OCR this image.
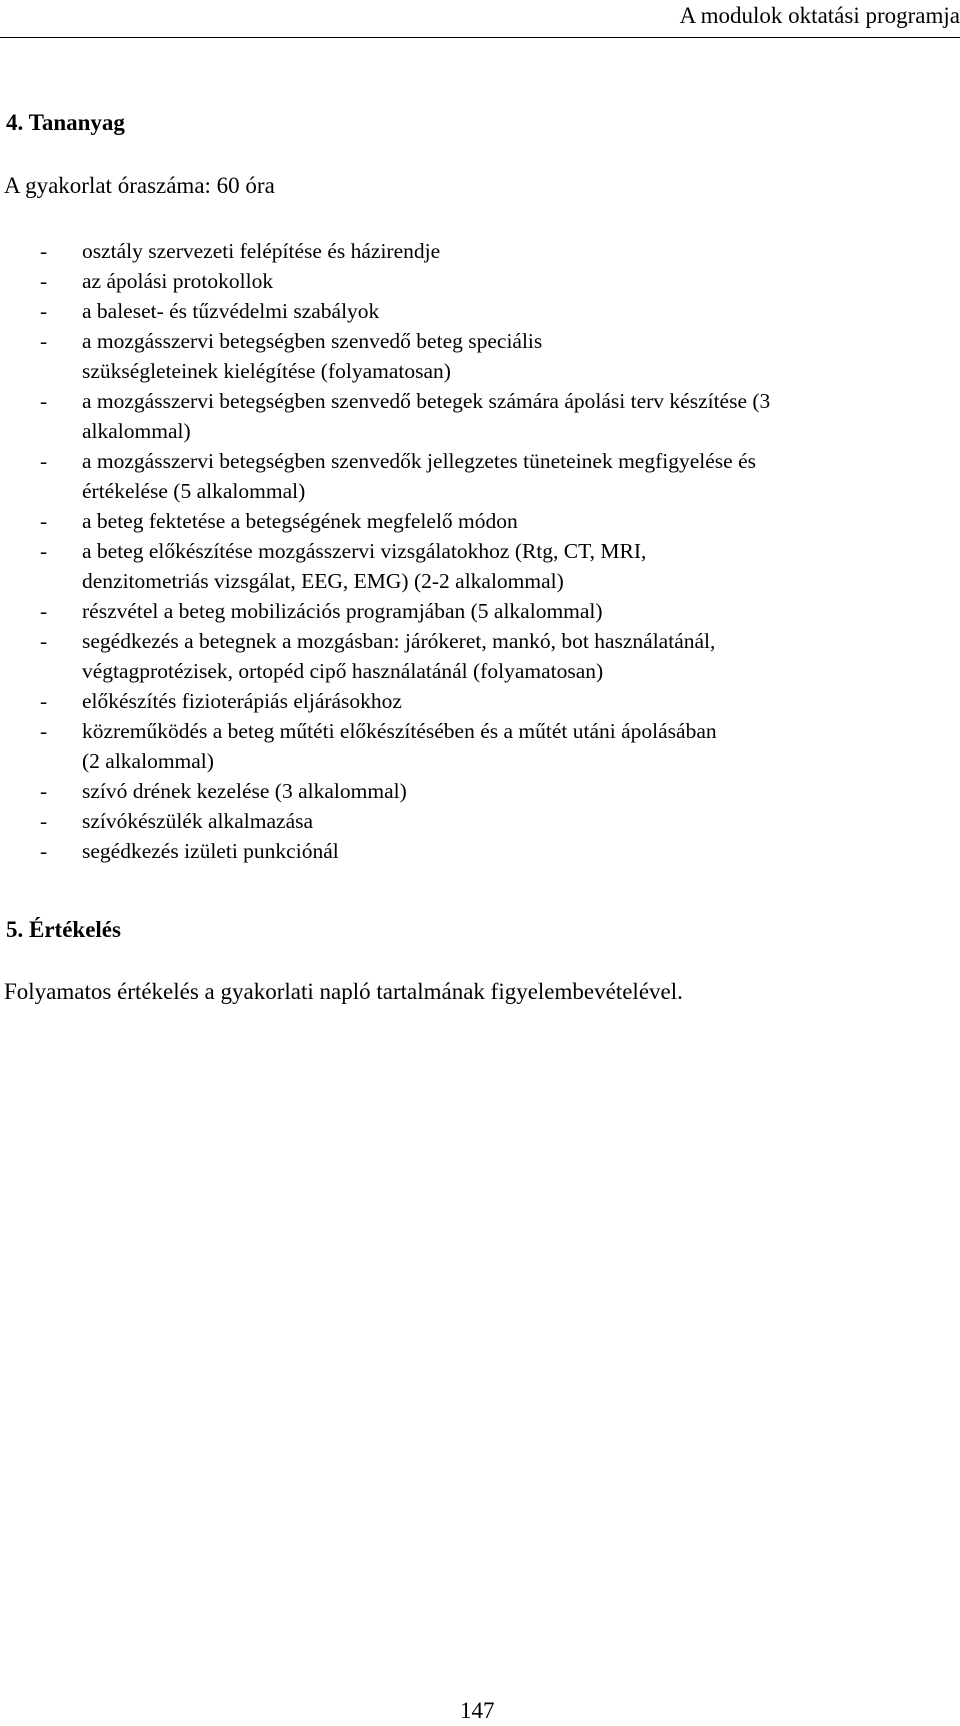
A modulok oktatási programja
4. Tananyag
A gyakorlat óraszáma: 60 óra
- osztály szervezeti felépítése és házirendje
- az ápolási protokollok
- a baleset- és tűzvédelmi szabályok
- a mozgásszervi betegségben szenvedő beteg speciális
szükségleteinek kielégítése (folyamatosan)
- a mozgásszervi betegségben szenvedő betegek számára ápolási terv készítése (3
alkalommal)
- a mozgásszervi betegségben szenvedők jellegzetes tüneteinek megfigyelése és
értékelése (5 alkalommal)
- a beteg fektetése a betegségének megfelelő módon
- a beteg előkészítése mozgásszervi vizsgálatokhoz (Rtg, CT, MRI,
denzitometriás vizsgálat, EEG, EMG) (2-2 alkalommal)
- részvétel a beteg mobilizációs programjában (5 alkalommal)
- segédkezés a betegnek a mozgásban: járókeret, mankó, bot használatánál,
végtagprotézisek, ortopéd cipő használatánál (folyamatosan)
- előkészítés fizioterápiás eljárásokhoz
- közreműködés a beteg műtéti előkészítésében és a műtét utáni ápolásában
(2 alkalommal)
- szívó drének kezelése (3 alkalommal)
- szívókészülék alkalmazása
- segédkezés izületi punkciónál
5. Értékelés
Folyamatos értékelés a gyakorlati napló tartalmának figyelembevételével.
147
